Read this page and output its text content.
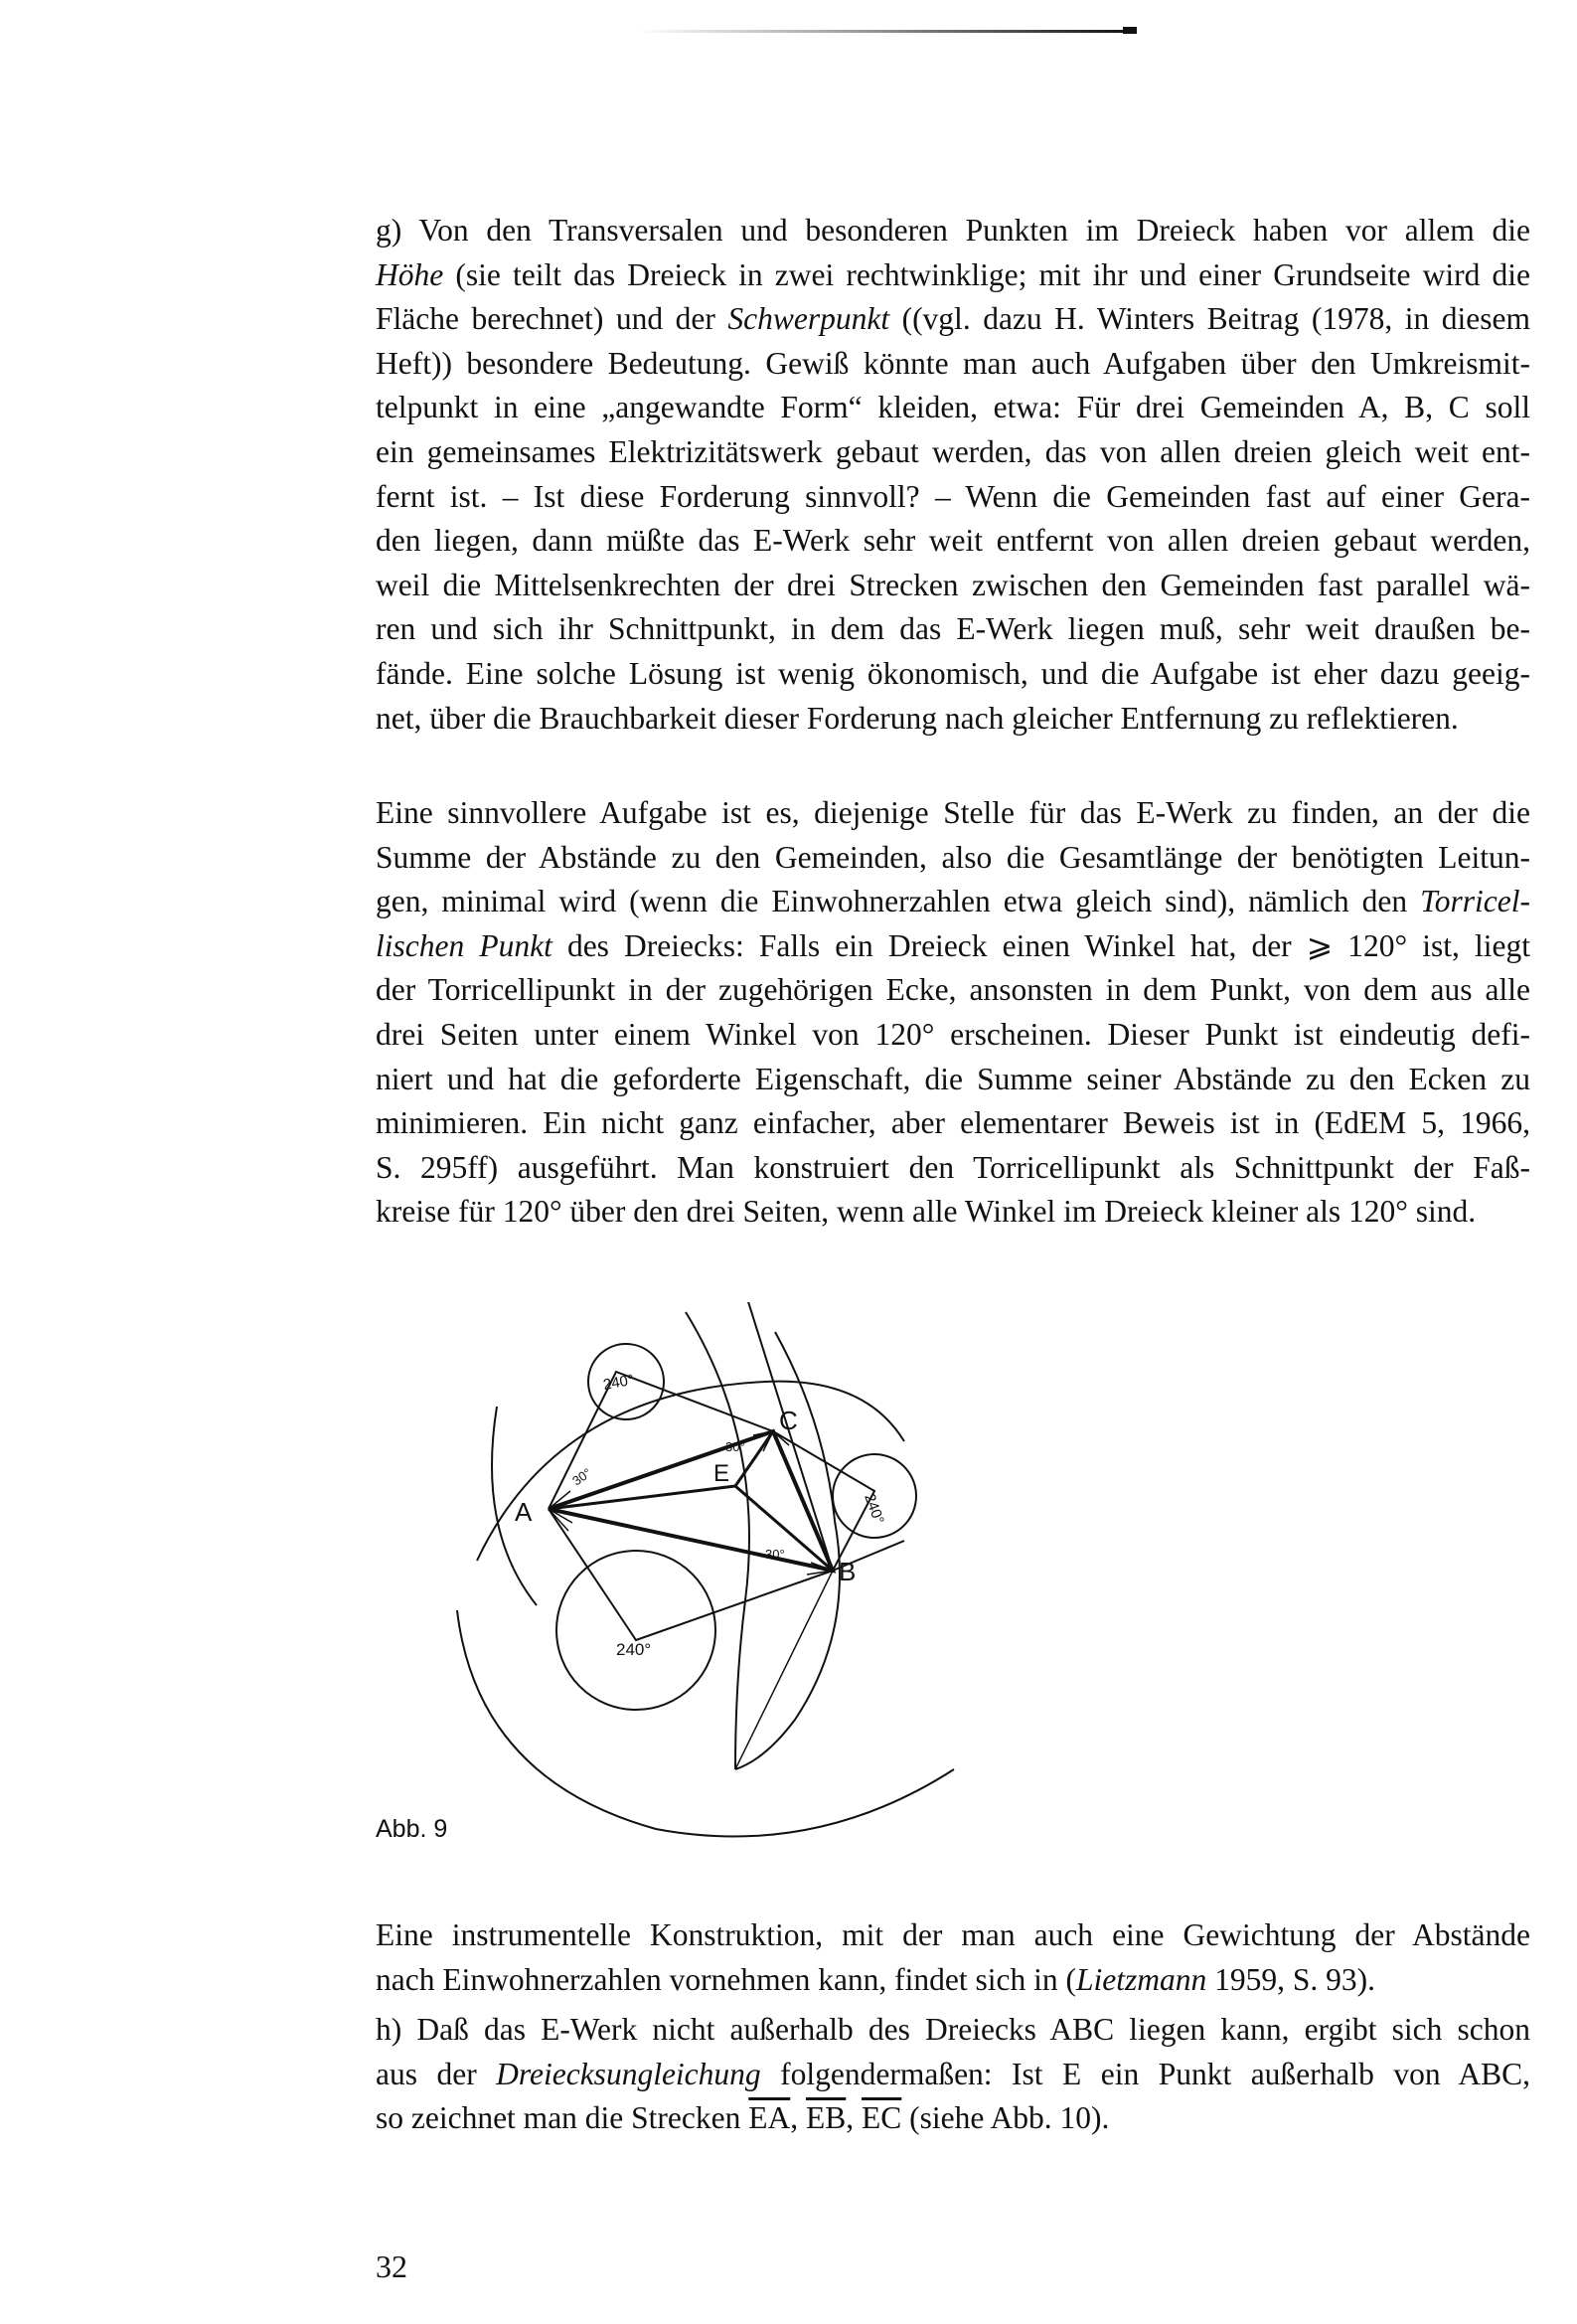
g) Von den Transversalen und besonderen Punkten im Dreieck haben vor allem die
Höhe (sie teilt das Dreieck in zwei rechtwinklige; mit ihr und einer Grundseite wird die
Fläche berechnet) und der Schwerpunkt ((vgl. dazu H. Winters Beitrag (1978, in diesem
Heft)) besondere Bedeutung. Gewiß könnte man auch Aufgaben über den Umkreismit-
telpunkt in eine „angewandte Form“ kleiden, etwa: Für drei Gemeinden A, B, C soll
ein gemeinsames Elektrizitätswerk gebaut werden, das von allen dreien gleich weit ent-
fernt ist. – Ist diese Forderung sinnvoll? – Wenn die Gemeinden fast auf einer Gera-
den liegen, dann müßte das E-Werk sehr weit entfernt von allen dreien gebaut werden,
weil die Mittelsenkrechten der drei Strecken zwischen den Gemeinden fast parallel wä-
ren und sich ihr Schnittpunkt, in dem das E-Werk liegen muß, sehr weit draußen be-
fände. Eine solche Lösung ist wenig ökonomisch, und die Aufgabe ist eher dazu geeig-
net, über die Brauchbarkeit dieser Forderung nach gleicher Entfernung zu reflektieren.
Eine sinnvollere Aufgabe ist es, diejenige Stelle für das E-Werk zu finden, an der die
Summe der Abstände zu den Gemeinden, also die Gesamtlänge der benötigten Leitun-
gen, minimal wird (wenn die Einwohnerzahlen etwa gleich sind), nämlich den Torricel-
lischen Punkt des Dreiecks: Falls ein Dreieck einen Winkel hat, der ⩾ 120° ist, liegt
der Torricellipunkt in der zugehörigen Ecke, ansonsten in dem Punkt, von dem aus alle
drei Seiten unter einem Winkel von 120° erscheinen. Dieser Punkt ist eindeutig defi-
niert und hat die geforderte Eigenschaft, die Summe seiner Abstände zu den Ecken zu
minimieren. Ein nicht ganz einfacher, aber elementarer Beweis ist in (EdEM 5, 1966,
S. 295ff) ausgeführt. Man konstruiert den Torricellipunkt als Schnittpunkt der Faß-
kreise für 120° über den drei Seiten, wenn alle Winkel im Dreieck kleiner als 120° sind.
A
B
C
E
240°
240°
240°
30°
30°
30°
Abb. 9
Eine instrumentelle Konstruktion, mit der man auch eine Gewichtung der Abstände
nach Einwohnerzahlen vornehmen kann, findet sich in (Lietzmann 1959, S. 93).
h) Daß das E-Werk nicht außerhalb des Dreiecks ABC liegen kann, ergibt sich schon
aus der Dreiecksungleichung folgendermaßen: Ist E ein Punkt außerhalb von ABC,
so zeichnet man die Strecken $\overline{EA}$, $\overline{EB}$, $\overline{EC}$ (siehe Abb. 10).
32
